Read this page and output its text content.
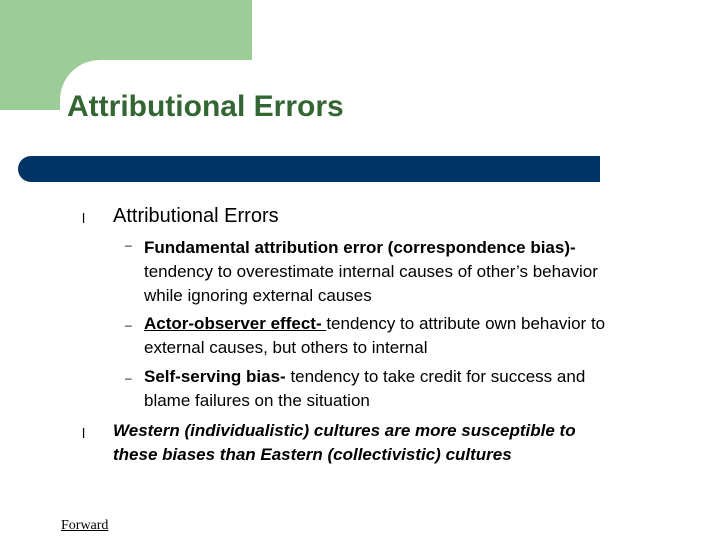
Attributional Errors
l Attributional Errors
– Fundamental attribution error (correspondence bias)-
tendency to overestimate internal causes of other’s behavior
while ignoring external causes
– Actor-observer effect- tendency to attribute own behavior to
external causes, but others to internal
– Self-serving bias- tendency to take credit for success and
blame failures on the situation
l Western (individualistic) cultures are more susceptible to
these biases than Eastern (collectivistic) cultures
Forward
